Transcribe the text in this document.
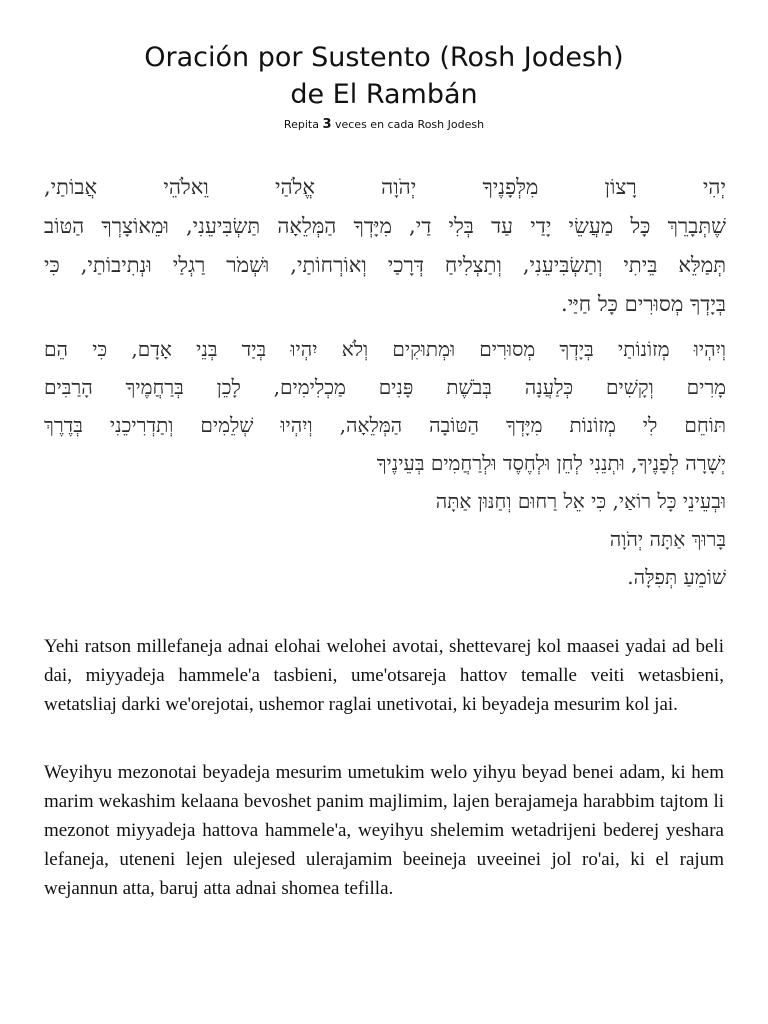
Oración por Sustento (Rosh Jodesh)
de El Rambán
Repita 3 veces en cada Rosh Jodesh
יְהִי רָצוֹן מִלְּפָנֶיךָ יְהֹוָה אֱלֹהַי וֵאלֹהֵי אֲבוֹתַי,
שֶׁתְּבָרֵךְ כָּל מַעֲשֵׂי יָדַי עַד בְּלִי דַי, מִיָּדְךָ הַמְּלֵאָה תַּשְׂבִּיעֵנִי, וּמֵאוֹצָרְךָ הַטּוֹב
תְּמַלֵּא בֵּיתִי וְתַשְׂבִּיעֵנִי, וְתַצְלִיחַ דְּרָכַי וְאוֹרְחוֹתַי, וּשְׁמֹר רַגְלַי וּנְתִיבוֹתַי, כִּי
בְּיָדְךָ מְסוּרִים כָּל חַיַּי.
וְיִהְיוּ מְזוֹנוֹתַי בְּיָדְךָ מְסוּרִים וּמְתוּקִים וְלֹא יִהְיוּ בְּיַד בְּנֵי אָדָם, כִּי הֵם
מָרִים וְקָשִׁים כְּלַעֲנָה בְּבֹשֶׁת פָּנִים מַכְלִימִים, לָכֵן בְּרַחֲמֶיךָ הָרַבִּים
תּוֹחֵם לִי מְזוֹנוֹת מִיָּדְךָ הַטּוֹבָה הַמְּלֵאָה, וְיִהְיוּ שְׁלֵמִים וְתַדְרִיכֵנִי בְּדֶרֶךְ
יְשָׁרָה לְפָנֶיךָ, וּתְנֵנִי לְחֵן וּלְחֶסֶד וּלְרַחֲמִים בְּעֵינֶיךָ
וּבְעֵינֵי כָּל רוֹאַי, כִּי אֵל רַחוּם וְחַנּוּן אַתָּה
בָּרוּךְ אַתָּה יְהֹוָה
שׁוֹמֵעַ תְּפִלָּה.

Yehi ratson millefaneja adnai elohai welohei avotai, shettevarej kol maasei yadai ad beli dai, miyyadeja hammele'a tasbieni, ume'otsareja hattov temalle veiti wetasbieni, wetatsliaj darki we'orejotai, ushemor raglai unetivotai, ki beyadeja mesurim kol jai.

Weyihyu mezonotai beyadeja mesurim umetukim welo yihyu beyad benei adam, ki hem marim wekashim kelaana bevoshet panim majlimim, lajen berajameja harabbim tajtom li mezonot miyyadeja hattova hammele'a, weyihyu shelemim wetadrijeni bederej yeshara lefaneja, uteneni lejen ulejesed ulerajamim beeineja uveeinei jol ro'ai, ki el rajum wejannun atta, baruj atta adnai shomea tefilla.
